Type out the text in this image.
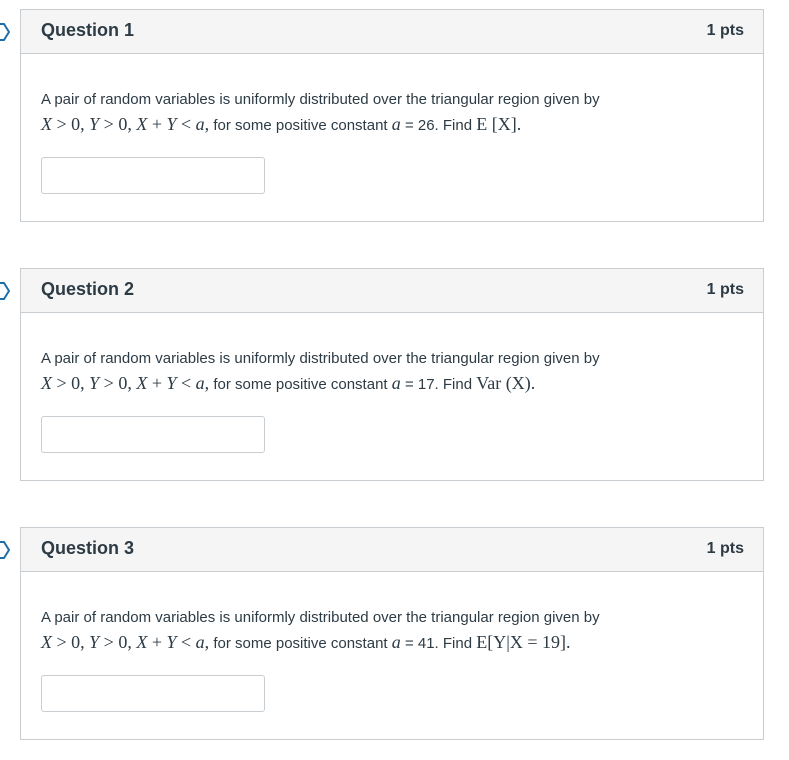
Question 1	1 pts
A pair of random variables is uniformly distributed over the triangular region given by
X > 0, Y > 0, X + Y < a, for some positive constant a = 26. Find E [X].
Question 2	1 pts
A pair of random variables is uniformly distributed over the triangular region given by
X > 0, Y > 0, X + Y < a, for some positive constant a = 17. Find Var (X).
Question 3	1 pts
A pair of random variables is uniformly distributed over the triangular region given by
X > 0, Y > 0, X + Y < a, for some positive constant a = 41. Find E[Y|X = 19].
